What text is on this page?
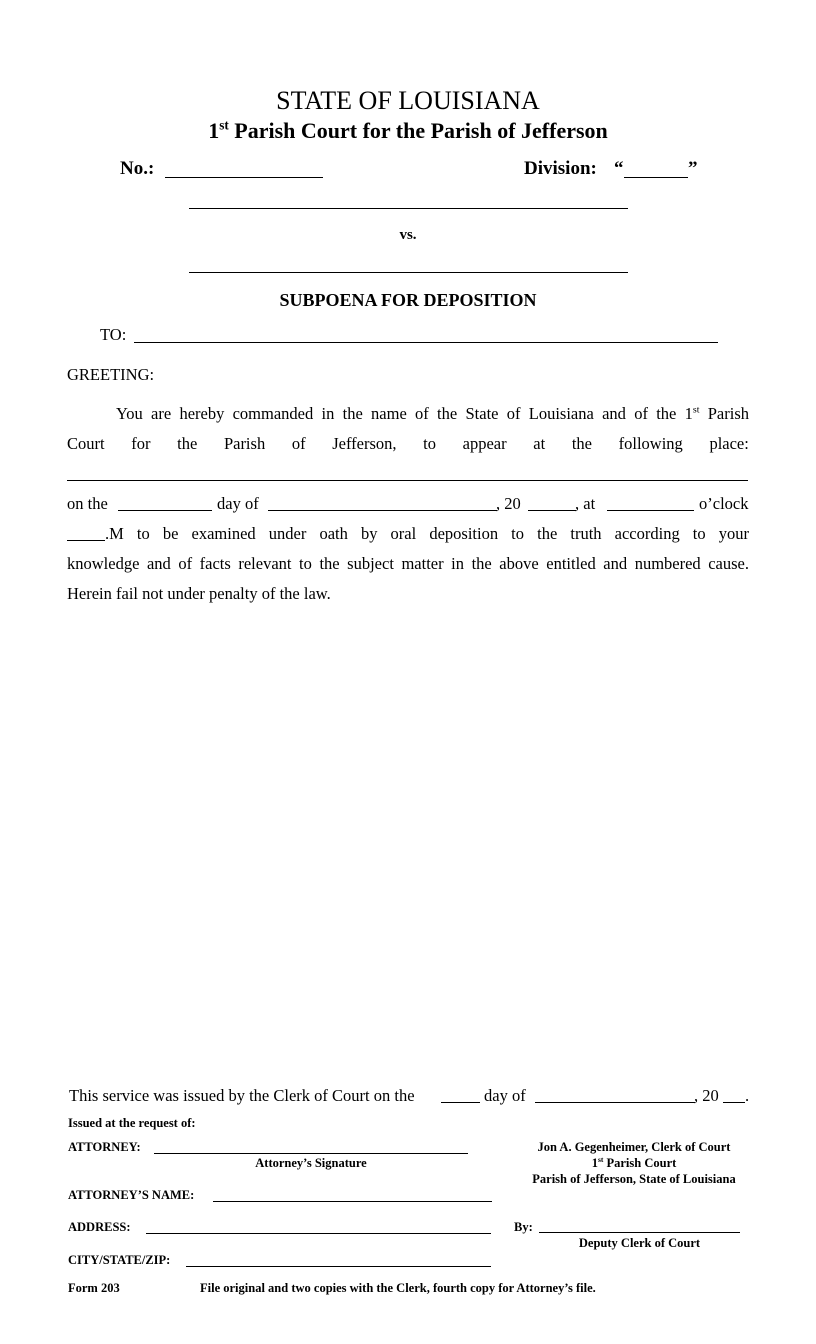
STATE OF LOUISIANA
1st Parish Court for the Parish of Jefferson
No.:	Division: “	”
vs.
SUBPOENA FOR DEPOSITION
TO:
GREETING:
You are hereby commanded in the name of the State of Louisiana and of the 1st Parish
Court for the Parish of Jefferson, to appear at the following place:
on the	day of	, 20	, at	o’clock
.M to be examined under oath by oral deposition to the truth according to your
knowledge and of facts relevant to the subject matter in the above entitled and numbered cause.
Herein fail not under penalty of the law.
This service was issued by the Clerk of Court on the	day of	, 20 .
Issued at the request of:
ATTORNEY:
Attorney’s Signature
ATTORNEY’S NAME:
ADDRESS:
CITY/STATE/ZIP:
Jon A. Gegenheimer, Clerk of Court
1st Parish Court
Parish of Jefferson, State of Louisiana
By:
Deputy Clerk of Court
Form 203	File original and two copies with the Clerk, fourth copy for Attorney’s file.
